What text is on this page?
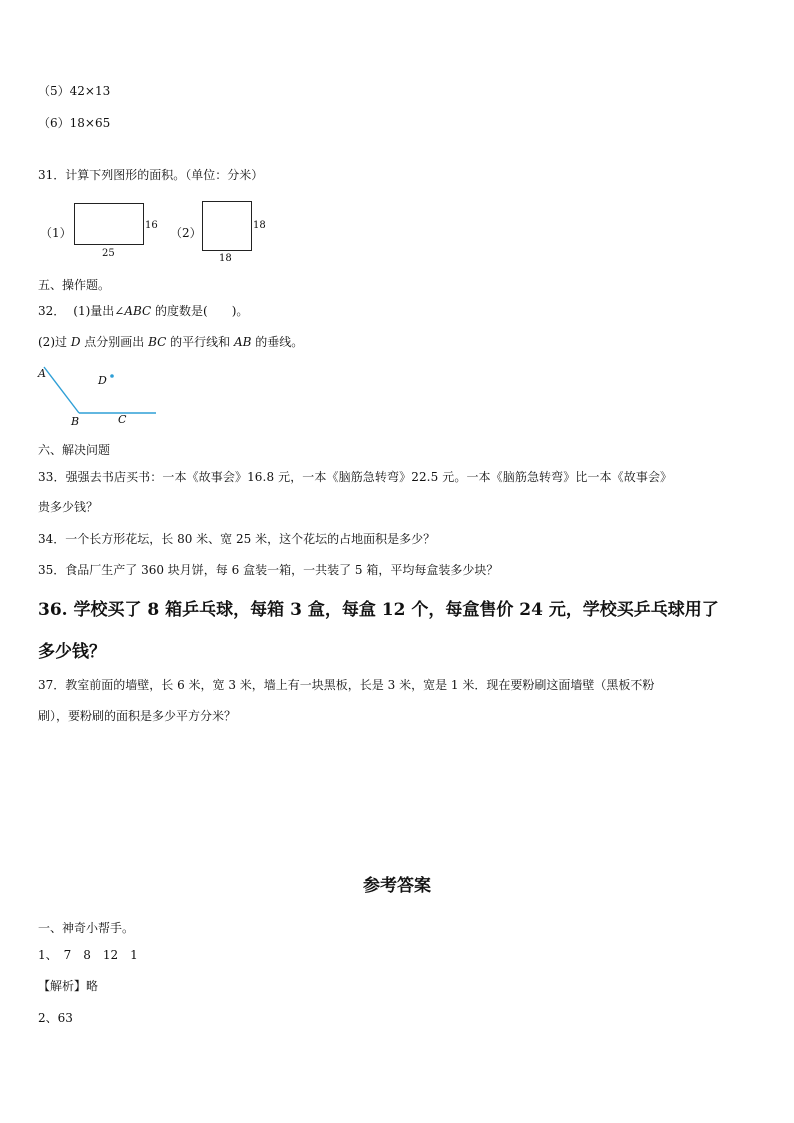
（5）42×13
（6）18×65
31．计算下列图形的面积。（单位：分米）
（1）
16
25
（2）
18
18
五、操作题。
32． (1)量出∠ABC 的度数是(　　)。
(2)过 D 点分别画出 BC 的平行线和 AB 的垂线。
A
B	C
D
六、解决问题
33．强强去书店买书：一本《故事会》16.8 元，一本《脑筋急转弯》22.5 元。一本《脑筋急转弯》比一本《故事会》
贵多少钱？
34．一个长方形花坛，长 80 米、宽 25 米，这个花坛的占地面积是多少？
35．食品厂生产了 360 块月饼，每 6 盒装一箱，一共装了 5 箱，平均每盒装多少块？
36. 学校买了 8 箱乒乓球，每箱 3 盒，每盒 12 个，每盒售价 24 元，学校买乒乓球用了
多少钱？
37．教室前面的墙壁，长 6 米，宽 3 米，墙上有一块黑板，长是 3 米，宽是 1 米．现在要粉刷这面墙壁（黑板不粉
刷），要粉刷的面积是多少平方分米？
参考答案
一、神奇小帮手。
1、　7　8　12　1
【解析】略
2、63
